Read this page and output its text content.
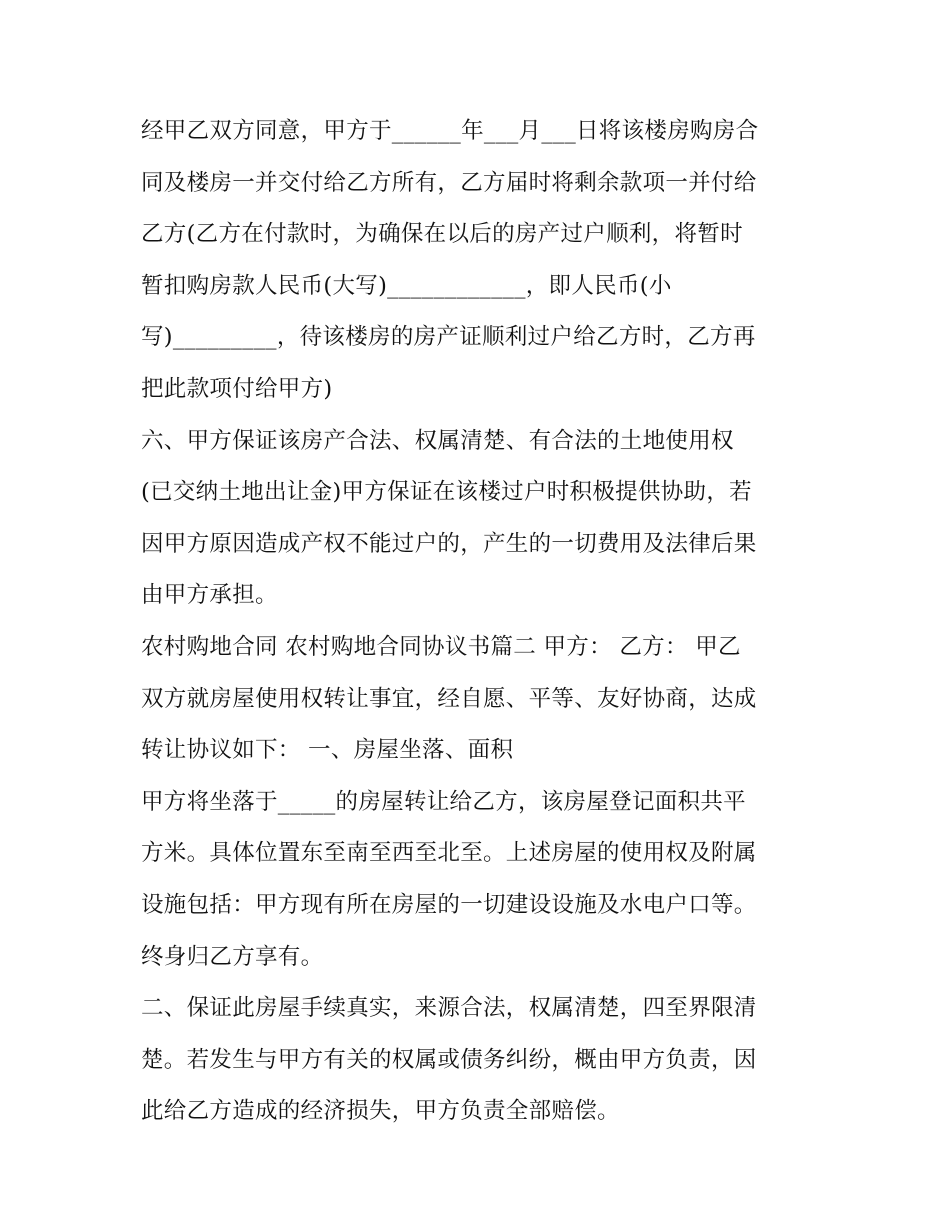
经甲乙双方同意，甲方于______年___月___日将该楼房购房合
同及楼房一并交付给乙方所有，乙方届时将剩余款项一并付给
乙方(乙方在付款时，为确保在以后的房产过户顺利，将暂时
暂扣购房款人民币(大写)____________，即人民币(小
写)_________，待该楼房的房产证顺利过户给乙方时，乙方再
把此款项付给甲方)
六、甲方保证该房产合法、权属清楚、有合法的土地使用权
(已交纳土地出让金)甲方保证在该楼过户时积极提供协助，若
因甲方原因造成产权不能过户的，产生的一切费用及法律后果
由甲方承担。
农村购地合同 农村购地合同协议书篇二 甲方： 乙方： 甲乙
双方就房屋使用权转让事宜，经自愿、平等、友好协商，达成
转让协议如下： 一、房屋坐落、面积
甲方将坐落于_____的房屋转让给乙方，该房屋登记面积共平
方米。具体位置东至南至西至北至。上述房屋的使用权及附属
设施包括：甲方现有所在房屋的一切建设设施及水电户口等。
终身归乙方享有。
二、保证此房屋手续真实，来源合法，权属清楚，四至界限清
楚。若发生与甲方有关的权属或债务纠纷，概由甲方负责，因
此给乙方造成的经济损失，甲方负责全部赔偿。
